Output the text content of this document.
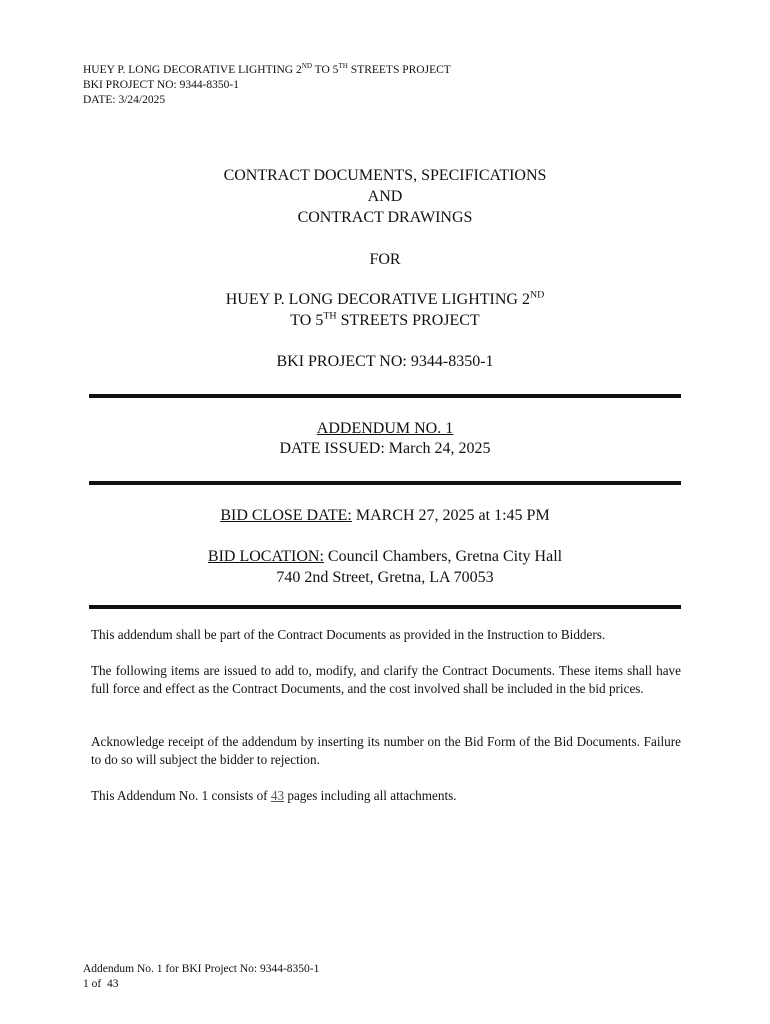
HUEY P. LONG DECORATIVE LIGHTING 2ND TO 5TH STREETS PROJECT
BKI PROJECT NO: 9344-8350-1
DATE: 3/24/2025
CONTRACT DOCUMENTS, SPECIFICATIONS
AND
CONTRACT DRAWINGS
FOR
HUEY P. LONG DECORATIVE LIGHTING 2ND
TO 5TH STREETS PROJECT
BKI PROJECT NO: 9344-8350-1
ADDENDUM NO. 1
DATE ISSUED: March 24, 2025
BID CLOSE DATE: MARCH 27, 2025 at 1:45 PM
BID LOCATION: Council Chambers, Gretna City Hall
740 2nd Street, Gretna, LA 70053

This addendum shall be part of the Contract Documents as provided in the Instruction to Bidders.

The following items are issued to add to, modify, and clarify the Contract Documents. These items shall have full force and effect as the Contract Documents, and the cost involved shall be included in the bid prices.

Acknowledge receipt of the addendum by inserting its number on the Bid Form of the Bid Documents. Failure to do so will subject the bidder to rejection.

This Addendum No. 1 consists of 43 pages including all attachments.

Addendum No. 1 for BKI Project No: 9344-8350-1
1 of  43
